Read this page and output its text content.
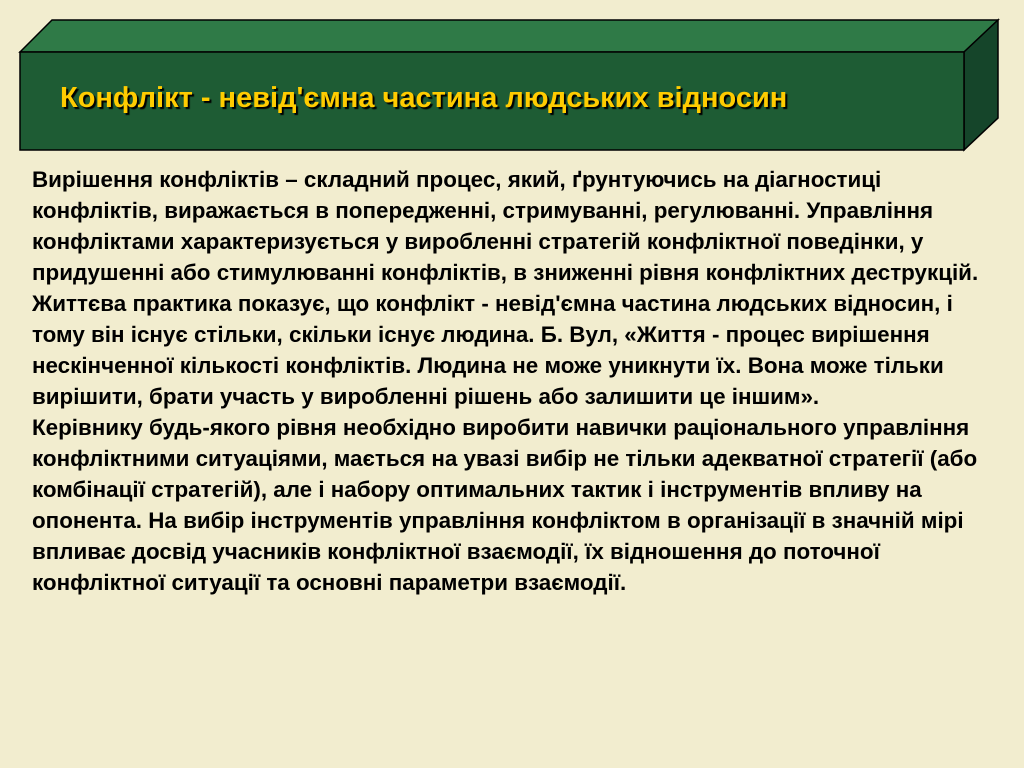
Конфлікт - невід'ємна частина людських відносин

Вирішення конфліктів – складний процес, який, ґрунтуючись на діагностиці конфліктів, виражається в попередженні, стримуванні, регулюванні. Управління конфліктами характеризується у виробленні стратегій конфліктної поведінки, у придушенні або стимулюванні конфліктів, в зниженні рівня конфліктних деструкцій.

Життєва практика показує, що конфлікт - невід'ємна частина людських відносин, і тому він існує стільки, скільки існує людина. Б. Вул, «Життя - процес вирішення нескінченної кількості конфліктів. Людина не може уникнути їх. Вона може тільки вирішити, брати участь у виробленні рішень або залишити це іншим».

Керівнику будь-якого рівня необхідно виробити навички раціонального управління конфліктними ситуаціями, мається на увазі вибір не тільки адекватної стратегії (або комбінації стратегій), але і набору оптимальних тактик і інструментів впливу на опонента. На вибір інструментів управління конфліктом в організації в значній мірі впливає досвід учасників конфліктної взаємодії, їх відношення до поточної конфліктної ситуації та основні параметри взаємодії.
